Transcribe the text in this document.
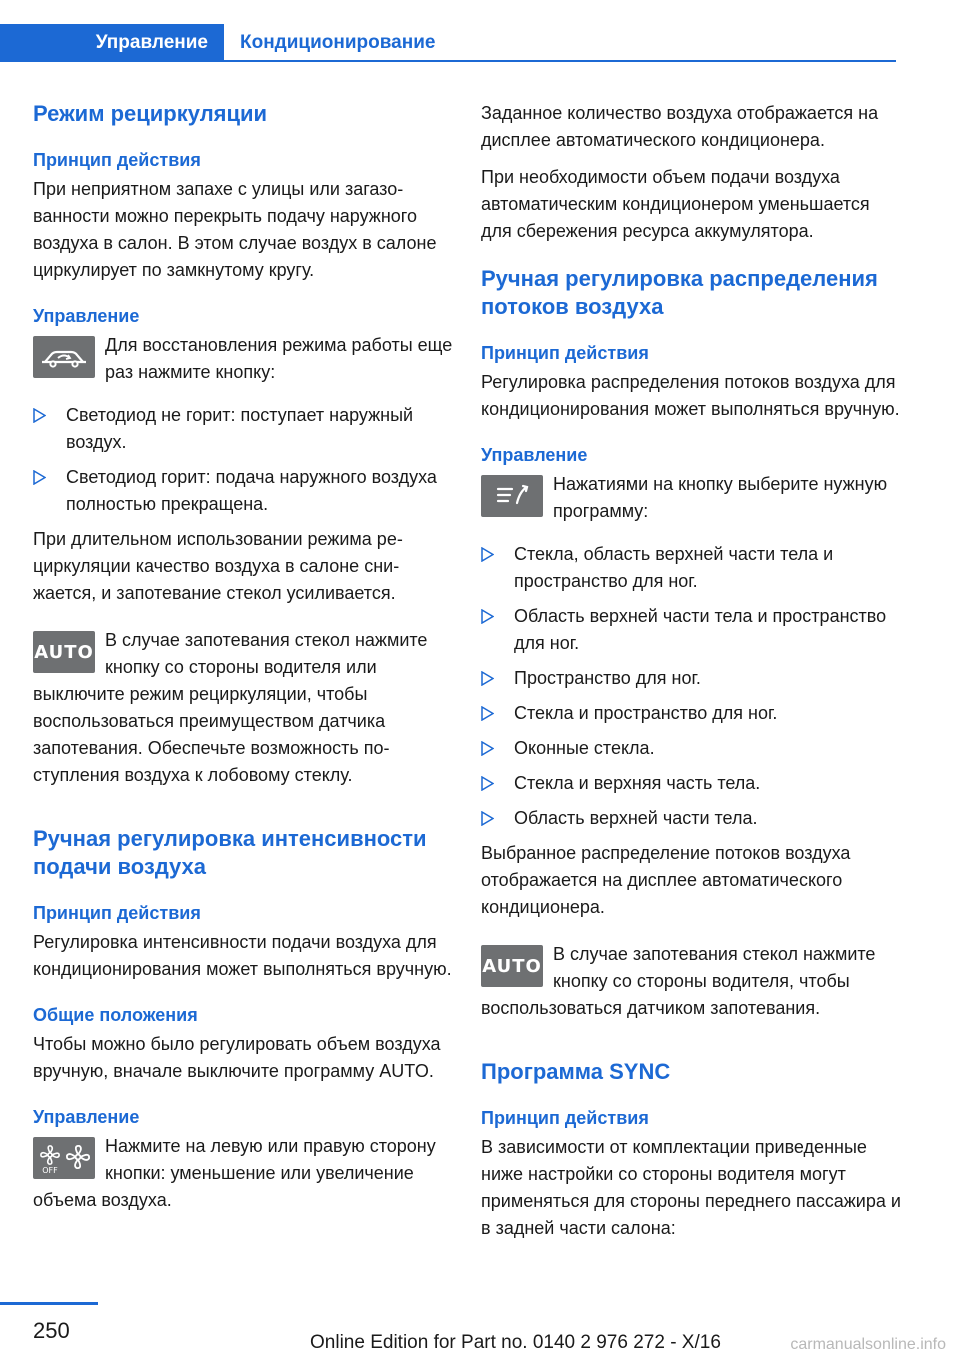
Управление	Кондиционирование
Режим рециркуляции
Принцип действия

При неприятном запахе с улицы или загазованности можно перекрыть подачу наружного воздуха в салон. В этом случае воздух в салоне циркулирует по замкнутому кругу.

Управление

Для восстановления режима работы еще раз нажмите кнопку:

Светодиод не горит: поступает наружный воздух.
Светодиод горит: подача наружного воздуха полностью прекращена.

При длительном использовании режима рециркуляции качество воздуха в салоне снижается, и запотевание стекол усиливается.

AUTO

В случае запотевания стекол нажмите кнопку со стороны водителя или выключите режим рециркуляции, чтобы воспользоваться преимуществом датчика запотевания. Обеспечьте возможность поступления воздуха к лобовому стеклу.

Ручная регулировка интенсивности подачи воздуха
Принцип действия

Регулировка интенсивности подачи воздуха для кондиционирования может выполняться вручную.

Общие положения

Чтобы можно было регулировать объем воздуха вручную, вначале выключите программу AUTO.

Управление
OFF

Нажмите на левую или правую сторону кнопки: уменьшение или увеличение объема воздуха.

Заданное количество воздуха отображается на дисплее автоматического кондиционера.

При необходимости объем подачи воздуха автоматическим кондиционером уменьшается для сбережения ресурса аккумулятора.

Ручная регулировка распределения потоков воздуха
Принцип действия

Регулировка распределения потоков воздуха для кондиционирования может выполняться вручную.

Управление

Нажатиями на кнопку выберите нужную программу:

Стекла, область верхней части тела и пространство для ног.
Область верхней части тела и пространство для ног.
Пространство для ног.
Стекла и пространство для ног.
Оконные стекла.
Стекла и верхняя часть тела.
Область верхней части тела.

Выбранное распределение потоков воздуха отображается на дисплее автоматического кондиционера.

AUTO

В случае запотевания стекол нажмите кнопку со стороны водителя, чтобы воспользоваться датчиком запотевания.

Программа SYNC
Принцип действия

В зависимости от комплектации приведенные ниже настройки со стороны водителя могут применяться для стороны переднего пассажира и в задней части салона:

250	Online Edition for Part no. 0140 2 976 272 - X/16	carmanualsonline.info
